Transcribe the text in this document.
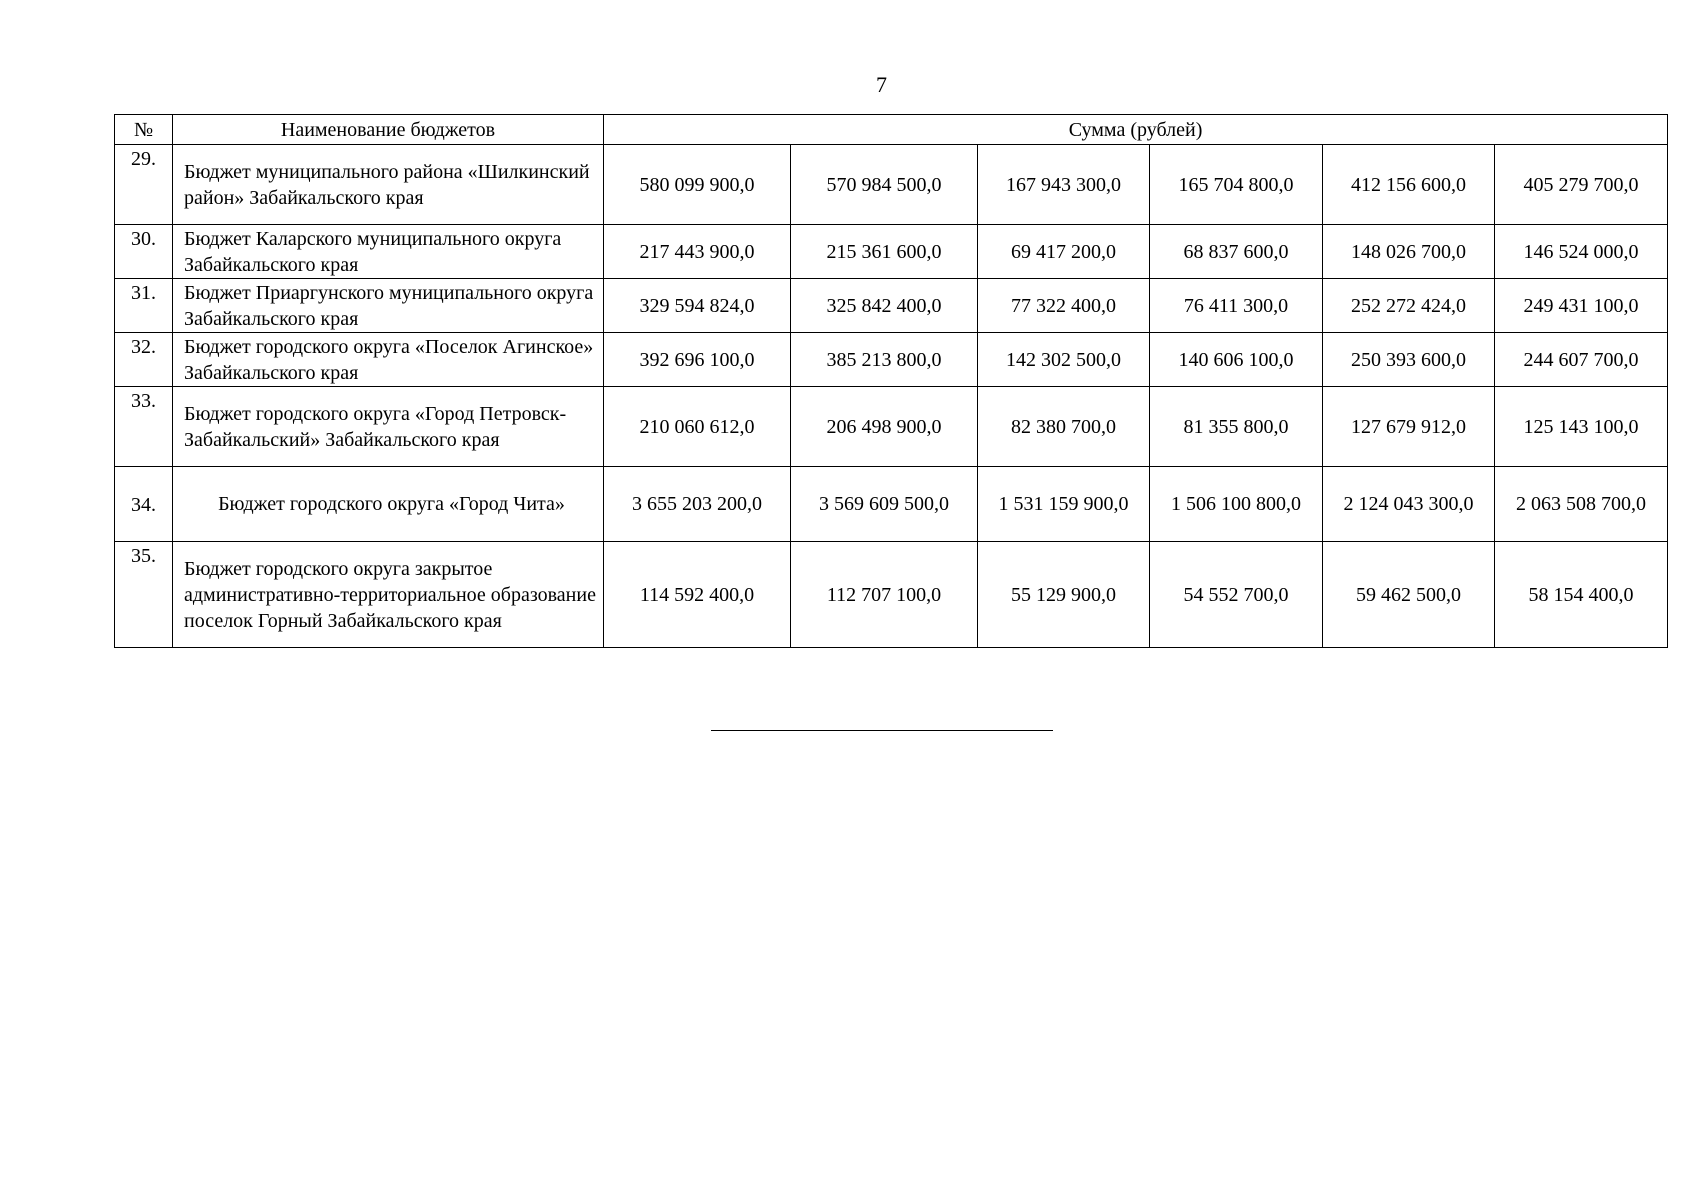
7
№	Наименование бюджетов	Сумма (рублей)					
29.	Бюджет муниципального района «Шилкинский район» Забайкальского края	580 099 900,0	570 984 500,0	167 943 300,0	165 704 800,0	412 156 600,0	405 279 700,0
30.	Бюджет Каларского муниципального округа Забайкальского края	217 443 900,0	215 361 600,0	69 417 200,0	68 837 600,0	148 026 700,0	146 524 000,0
31.	Бюджет Приаргунского муниципального округа Забайкальского края	329 594 824,0	325 842 400,0	77 322 400,0	76 411 300,0	252 272 424,0	249 431 100,0
32.	Бюджет городского округа «Поселок Агинское» Забайкальского края	392 696 100,0	385 213 800,0	142 302 500,0	140 606 100,0	250 393 600,0	244 607 700,0
33.	Бюджет городского округа «Город Петровск-Забайкальский» Забайкальского края	210 060 612,0	206 498 900,0	82 380 700,0	81 355 800,0	127 679 912,0	125 143 100,0
34.	Бюджет городского округа «Город Чита»	3 655 203 200,0	3 569 609 500,0	1 531 159 900,0	1 506 100 800,0	2 124 043 300,0	2 063 508 700,0
35.	Бюджет городского округа закрытое административно-территориальное образование поселок Горный Забайкальского края	114 592 400,0	112 707 100,0	55 129 900,0	54 552 700,0	59 462 500,0	58 154 400,0
